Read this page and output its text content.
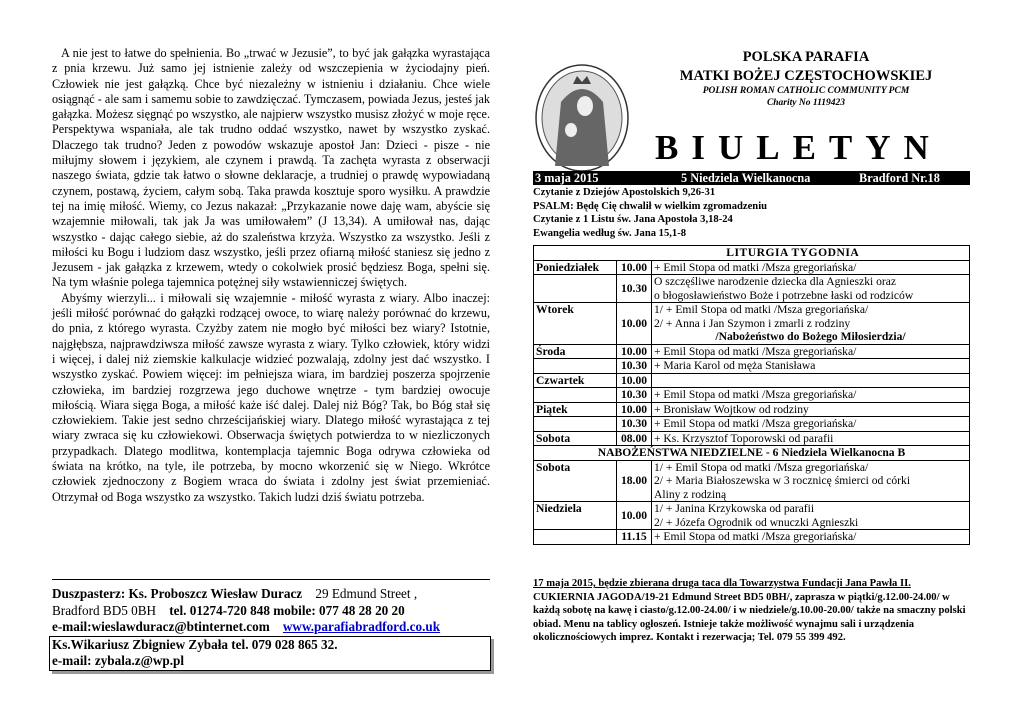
A nie jest to łatwe do spełnienia. Bo „trwać w Jezusie”, to być jak gałązka wyrastająca z pnia krzewu. Już samo jej istnienie zależy od wszczepienia w życiodajny pień. Człowiek nie jest gałązką. Chce być niezależny w istnieniu i działaniu. Chce wiele osiągnąć - ale sam i samemu sobie to zawdzięczać. Tymczasem, powiada Jezus, jesteś jak gałązka. Możesz sięgnąć po wszystko, ale najpierw wszystko musisz złożyć w moje ręce. Perspektywa wspaniała, ale tak trudno oddać wszystko, nawet by wszystko zyskać. Dlaczego tak trudno? Jeden z powodów wskazuje apostoł Jan: Dzieci - pisze - nie miłujmy słowem i językiem, ale czynem i prawdą. Ta zachęta wyrasta z obserwacji naszego świata, gdzie tak łatwo o słowne deklaracje, a trudniej o prawdę wypowiadaną czynem, postawą, życiem, całym sobą. Taka prawda kosztuje sporo wysiłku. A prawdzie tej na imię miłość. Wiemy, co Jezus nakazał: „Przykazanie nowe daję wam, abyście się wzajemnie miłowali, tak jak Ja was umiłowałem” (J 13,34). A umiłował nas, dając wszystko - dając całego siebie, aż do szaleństwa krzyża. Wszystko za wszystko. Jeśli z miłości ku Bogu i ludziom dasz wszystko, jeśli przez ofiarną miłość staniesz się jedno z Jezusem - jak gałązka z krzewem, wtedy o cokolwiek prosić będziesz Boga, spełni się. Na tym właśnie polega tajemnica potężnej siły wstawienniczej świętych.

Abyśmy wierzyli... i miłowali się wzajemnie - miłość wyrasta z wiary. Albo inaczej: jeśli miłość porównać do gałązki rodzącej owoce, to wiarę należy porównać do krzewu, do pnia, z którego wyrasta. Czyżby zatem nie mogło być miłości bez wiary? Istotnie, najgłębsza, najprawdziwsza miłość zawsze wyrasta z wiary. Tylko człowiek, który widzi i więcej, i dalej niż ziemskie kalkulacje widzieć pozwalają, zdolny jest dać wszystko. I wszystko zyskać. Powiem więcej: im pełniejsza wiara, im bardziej poszerza spojrzenie człowieka, im bardziej rozgrzewa jego duchowe wnętrze - tym bardziej owocuje miłością. Wiara sięga Boga, a miłość każe iść dalej. Dalej niż Bóg? Tak, bo Bóg stał się człowiekiem. Takie jest sedno chrześcijańskiej wiary. Dlatego miłość wyrastająca z tej wiary zwraca się ku człowiekowi. Obserwacja świętych potwierdza to w niezliczonych przypadkach. Dlatego modlitwa, kontemplacja tajemnic Boga odrywa człowieka od świata na krótko, na tyle, ile potrzeba, by mocno wkorzenić się w Niego. Wkrótce człowiek zjednoczony z Bogiem wraca do świata i zdolny jest świat przemieniać. Otrzymał od Boga wszystko za wszystko. Takich ludzi dziś światu potrzeba.

Duszpasterz: Ks. Proboszcz Wiesław Duracz 29 Edmund Street ,
Bradford BD5 0BH tel. 01274-720 848 mobile: 077 48 28 20 20
e-mail:wieslawduracz@btinternet.com www.parafiabradford.co.uk
Ks.Wikariusz Zbigniew Zybała tel. 079 028 865 32.
e-mail: zybala.z@wp.pl
POLSKA PARAFIA
MATKI BOŻEJ CZĘSTOCHOWSKIEJ
POLISH ROMAN CATHOLIC COMMUNITY PCM
Charity No 1119423
BIULETYN
3 maja 2015	5 Niedziela Wielkanocna	Bradford Nr.18
Czytanie z Dziejów Apostolskich 9,26-31
PSALM: Będę Cię chwalił w wielkim zgromadzeniu
Czytanie z 1 Listu św. Jana Apostoła 3,18-24
Ewangelia według św. Jana 15,1-8
	LITURGIA TYGODNIA	
Poniedziałek	10.00	+ Emil Stopa od matki /Msza gregoriańska/
	10.30	O szczęśliwe narodzenie dziecka dla Agnieszki oraz
o błogosławieństwo Boże i potrzebne łaski od rodziców

Wtorek	10.00	1/ + Emil Stopa od matki /Msza gregoriańska/
2/ + Anna i Jan Szymon i zmarli z rodziny
/Nabożeństwo do Bożego Miłosierdzia/

Środa	10.00	+ Emil Stopa od matki /Msza gregoriańska/
	10.30	+ Maria Karol od męża Stanisława
Czwartek	10.00	
	10.30	+ Emil Stopa od matki /Msza gregoriańska/
Piątek	10.00	+ Bronisław Wojtkow od rodziny
	10.30	+ Emil Stopa od matki /Msza gregoriańska/
Sobota	08.00	+ Ks. Krzysztof Toporowski od parafii
NABOŻEŃSTWA NIEDZIELNE - 6 Niedziela Wielkanocna B		
Sobota	18.00	1/ + Emil Stopa od matki /Msza gregoriańska/
2/ + Maria Białoszewska w 3 rocznicę śmierci od córki
Aliny z rodziną

Niedziela	10.00	1/ + Janina Krzykowska od parafii
2/ + Józefa Ogrodnik od wnuczki Agnieszki

	11.15	+ Emil Stopa od matki /Msza gregoriańska/
17 maja 2015, będzie zbierana druga taca dla Towarzystwa Fundacji Jana Pawła II.
CUKIERNIA JAGODA/19-21 Edmund Street BD5 0BH/, zaprasza w piątki/g.12.00-24.00/ w każdą sobotę na kawę i ciasto/g.12.00-24.00/ i w niedziele/g.10.00-20.00/ także na smaczny polski obiad. Menu na tablicy ogłoszeń. Istnieje także możliwość wynajmu sali i urządzenia okolicznościowych imprez. Kontakt i rezerwacja; Tel. 079 55 399 492.
